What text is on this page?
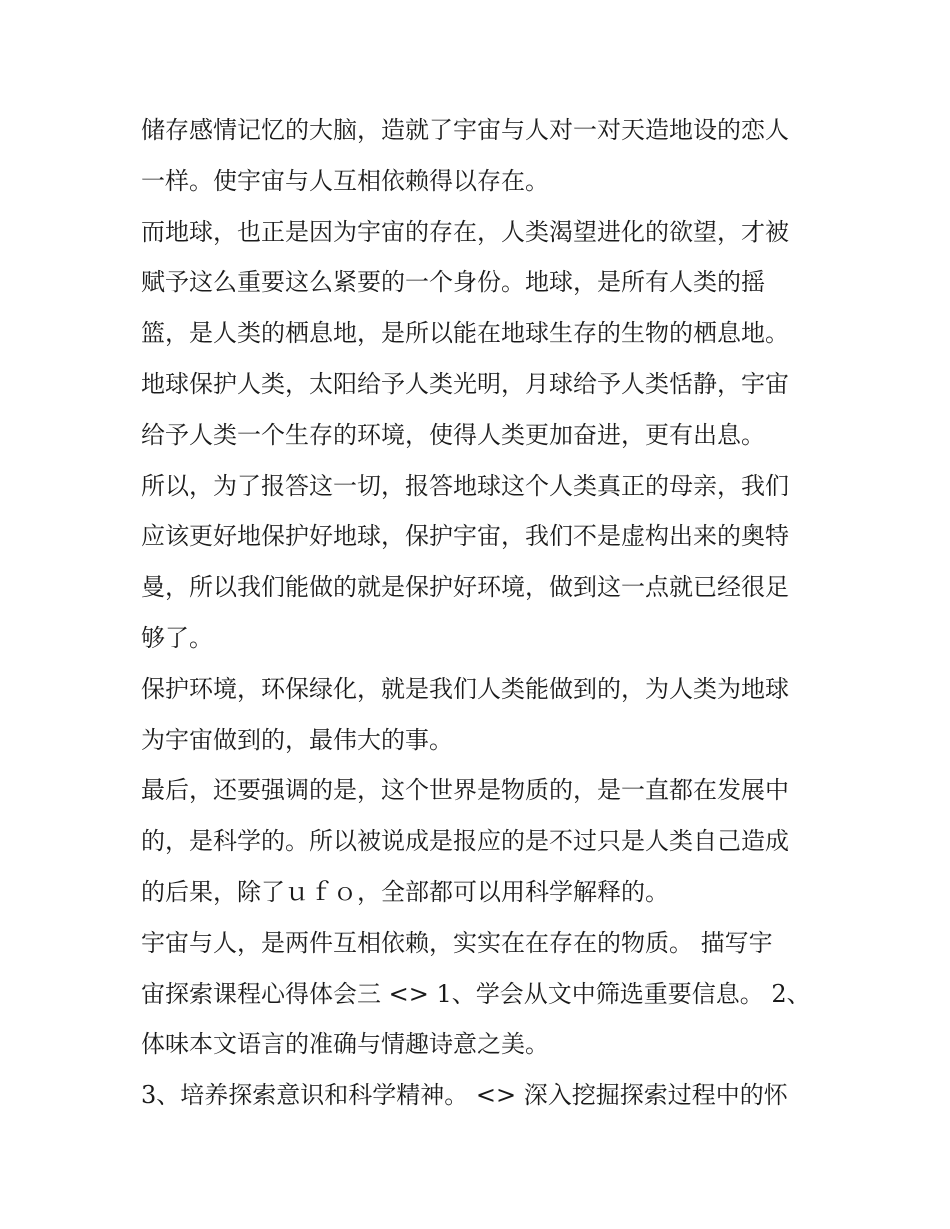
储存感情记忆的大脑，造就了宇宙与人对一对天造地设的恋人
一样。使宇宙与人互相依赖得以存在。
而地球，也正是因为宇宙的存在，人类渴望进化的欲望，才被
赋予这么重要这么紧要的一个身份。地球，是所有人类的摇
篮，是人类的栖息地，是所以能在地球生存的生物的栖息地。
地球保护人类，太阳给予人类光明，月球给予人类恬静，宇宙
给予人类一个生存的环境，使得人类更加奋进，更有出息。
所以，为了报答这一切，报答地球这个人类真正的母亲，我们
应该更好地保护好地球，保护宇宙，我们不是虚构出来的奥特
曼，所以我们能做的就是保护好环境，做到这一点就已经很足
够了。
保护环境，环保绿化，就是我们人类能做到的，为人类为地球
为宇宙做到的，最伟大的事。
最后，还要强调的是，这个世界是物质的，是一直都在发展中
的，是科学的。所以被说成是报应的是不过只是人类自己造成
的后果，除了ｕｆｏ，全部都可以用科学解释的。
宇宙与人，是两件互相依赖，实实在在存在的物质。 描写宇
宙探索课程心得体会三 <> 1、学会从文中筛选重要信息。 2、
体味本文语言的准确与情趣诗意之美。
3、培养探索意识和科学精神。 <> 深入挖掘探索过程中的怀
